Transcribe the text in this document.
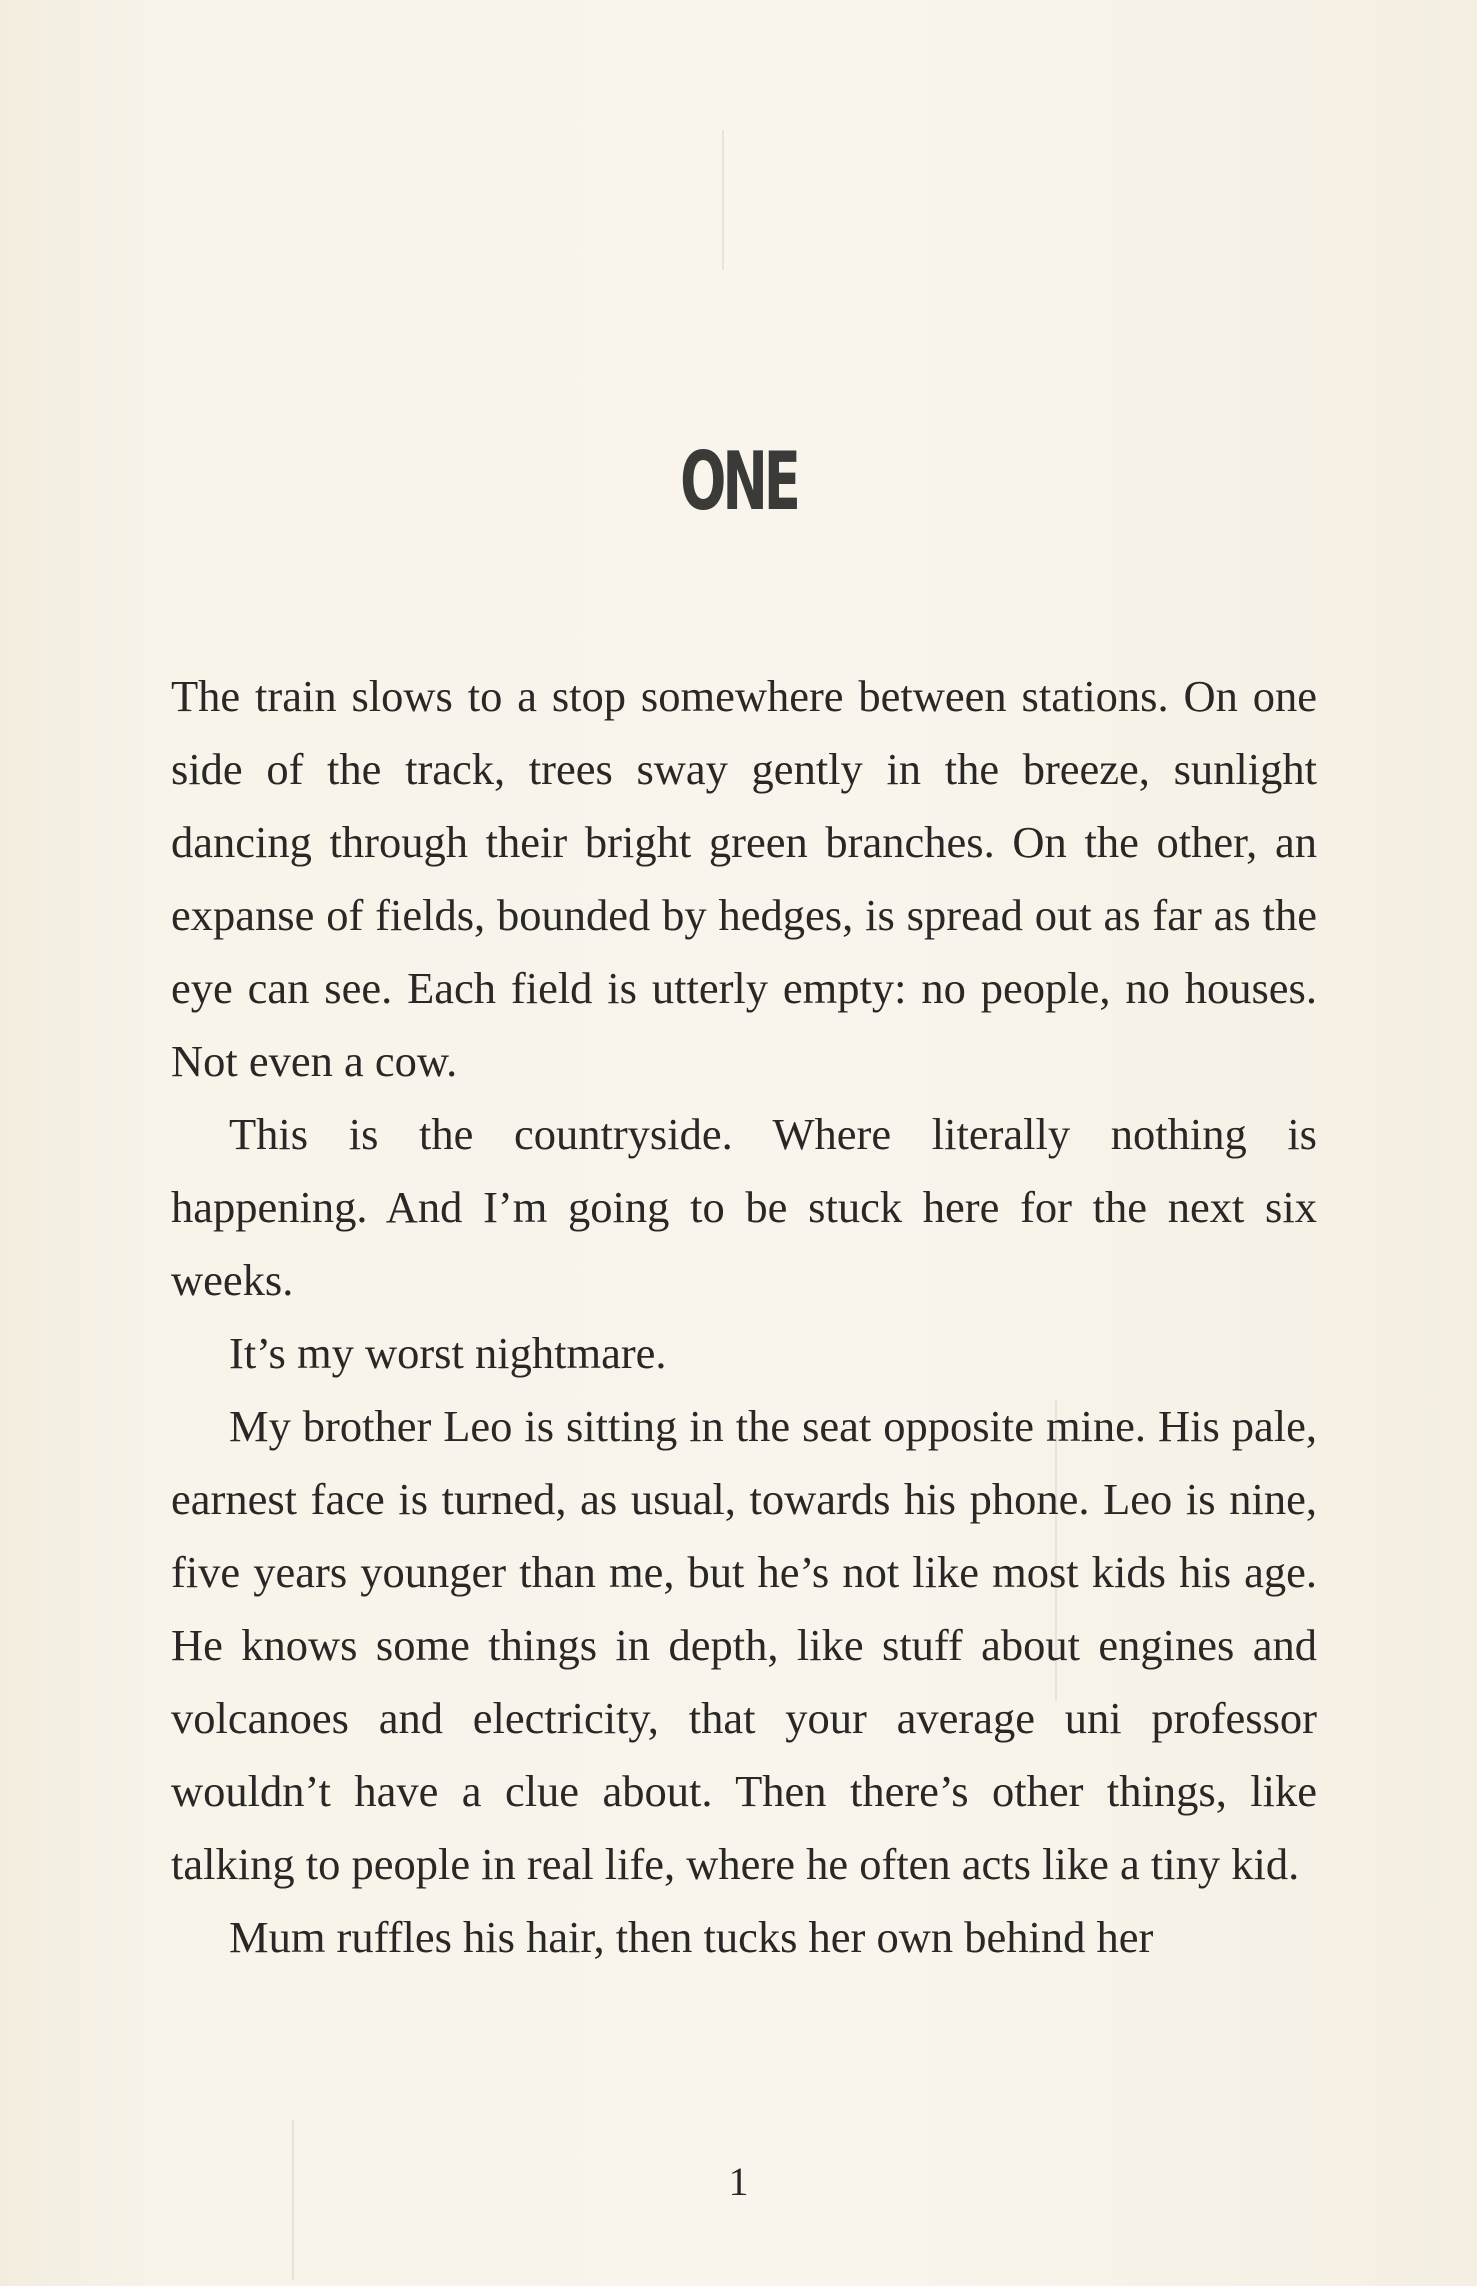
ONE

The train slows to a stop somewhere between stations. On one side of the track, trees sway gently in the breeze, sunlight dancing through their bright green branches. On the other, an expanse of fields, bounded by hedges, is spread out as far as the eye can see. Each field is utterly empty: no people, no houses. Not even a cow.

This is the countryside. Where literally nothing is happening. And I’m going to be stuck here for the next six weeks.

It’s my worst nightmare.

My brother Leo is sitting in the seat opposite mine. His pale, earnest face is turned, as usual, towards his phone. Leo is nine, five years younger than me, but he’s not like most kids his age. He knows some things in depth, like stuff about engines and volcanoes and electricity, that your average uni professor wouldn’t have a clue about. Then there’s other things, like talking to people in real life, where he often acts like a tiny kid.

Mum ruffles his hair, then tucks her own behind her

1
